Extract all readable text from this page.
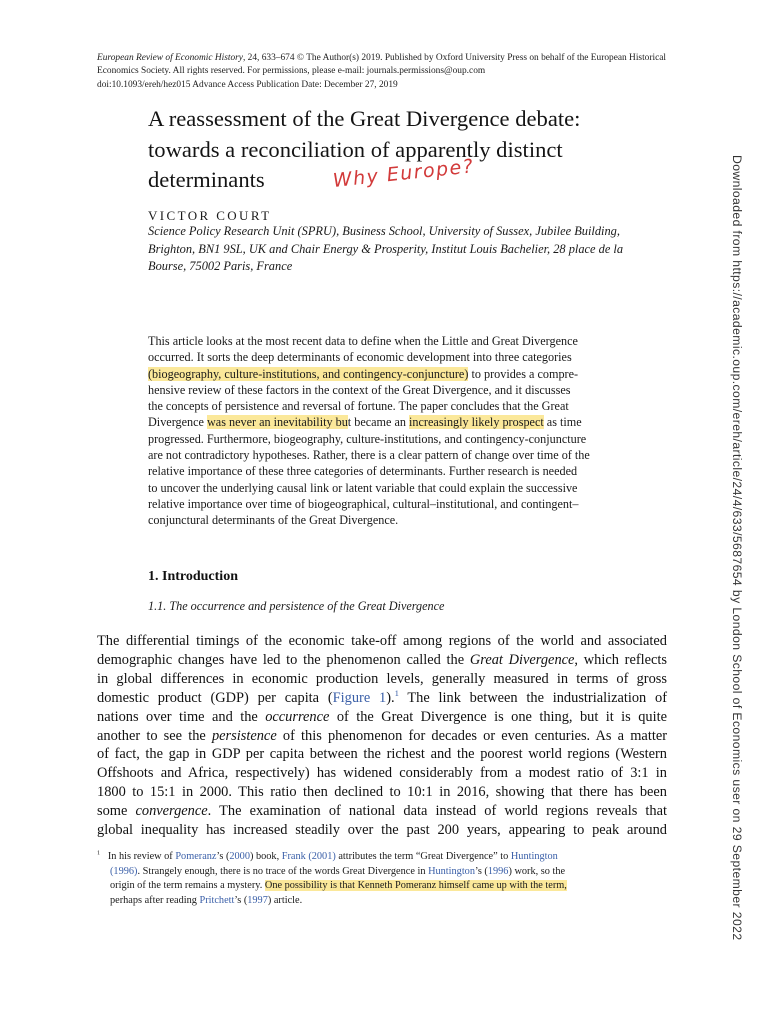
European Review of Economic History, 24, 633–674 © The Author(s) 2019. Published by Oxford University Press on behalf of the European Historical
Economics Society. All rights reserved. For permissions, please e-mail: journals.permissions@oup.com
doi:10.1093/ereh/hez015 Advance Access Publication Date: December 27, 2019
A reassessment of the Great Divergence debate:
towards a reconciliation of apparently distinct
determinants	Why Europe?
VICTOR COURT
Science Policy Research Unit (SPRU), Business School, University of Sussex, Jubilee Building,
Brighton, BN1 9SL, UK and Chair Energy & Prosperity, Institut Louis Bachelier, 28 place de la
Bourse, 75002 Paris, France
This article looks at the most recent data to define when the Little and Great Divergence
occurred. It sorts the deep determinants of economic development into three categories
(biogeography, culture-institutions, and contingency-conjuncture) to provides a compre-
hensive review of these factors in the context of the Great Divergence, and it discusses
the concepts of persistence and reversal of fortune. The paper concludes that the Great
Divergence was never an inevitability but became an increasingly likely prospect as time
progressed. Furthermore, biogeography, culture-institutions, and contingency-conjuncture
are not contradictory hypotheses. Rather, there is a clear pattern of change over time of the
relative importance of these three categories of determinants. Further research is needed
to uncover the underlying causal link or latent variable that could explain the successive
relative importance over time of biogeographical, cultural–institutional, and contingent–
conjunctural determinants of the Great Divergence.
1. Introduction
1.1. The occurrence and persistence of the Great Divergence
The differential timings of the economic take-off among regions of the world and associated
demographic changes have led to the phenomenon called the Great Divergence, which reflects
in global differences in economic production levels, generally measured in terms of gross
domestic product (GDP) per capita (Figure 1).$^1$ The link between the industrialization of
nations over time and the occurrence of the Great Divergence is one thing, but it is quite
another to see the persistence of this phenomenon for decades or even centuries. As a matter
of fact, the gap in GDP per capita between the richest and the poorest world regions (Western
Offshoots and Africa, respectively) has widened considerably from a modest ratio of 3:1 in
1800 to 15:1 in 2000. This ratio then declined to 10:1 in 2016, showing that there has been
some convergence. The examination of national data instead of world regions reveals that
global inequality has increased steadily over the past 200 years, appearing to peak around
$^1$ In his review of Pomeranz’s (2000) book, Frank (2001) attributes the term “Great Divergence” to Huntington
(1996). Strangely enough, there is no trace of the words Great Divergence in Huntington’s (1996) work, so the
origin of the term remains a mystery. One possibility is that Kenneth Pomeranz himself came up with the term,
perhaps after reading Pritchett’s (1997) article.	Downloaded from https://academic.oup.com/ereh/article/24/4/633/5687654 by London School of Economics user on 29 September 2022
